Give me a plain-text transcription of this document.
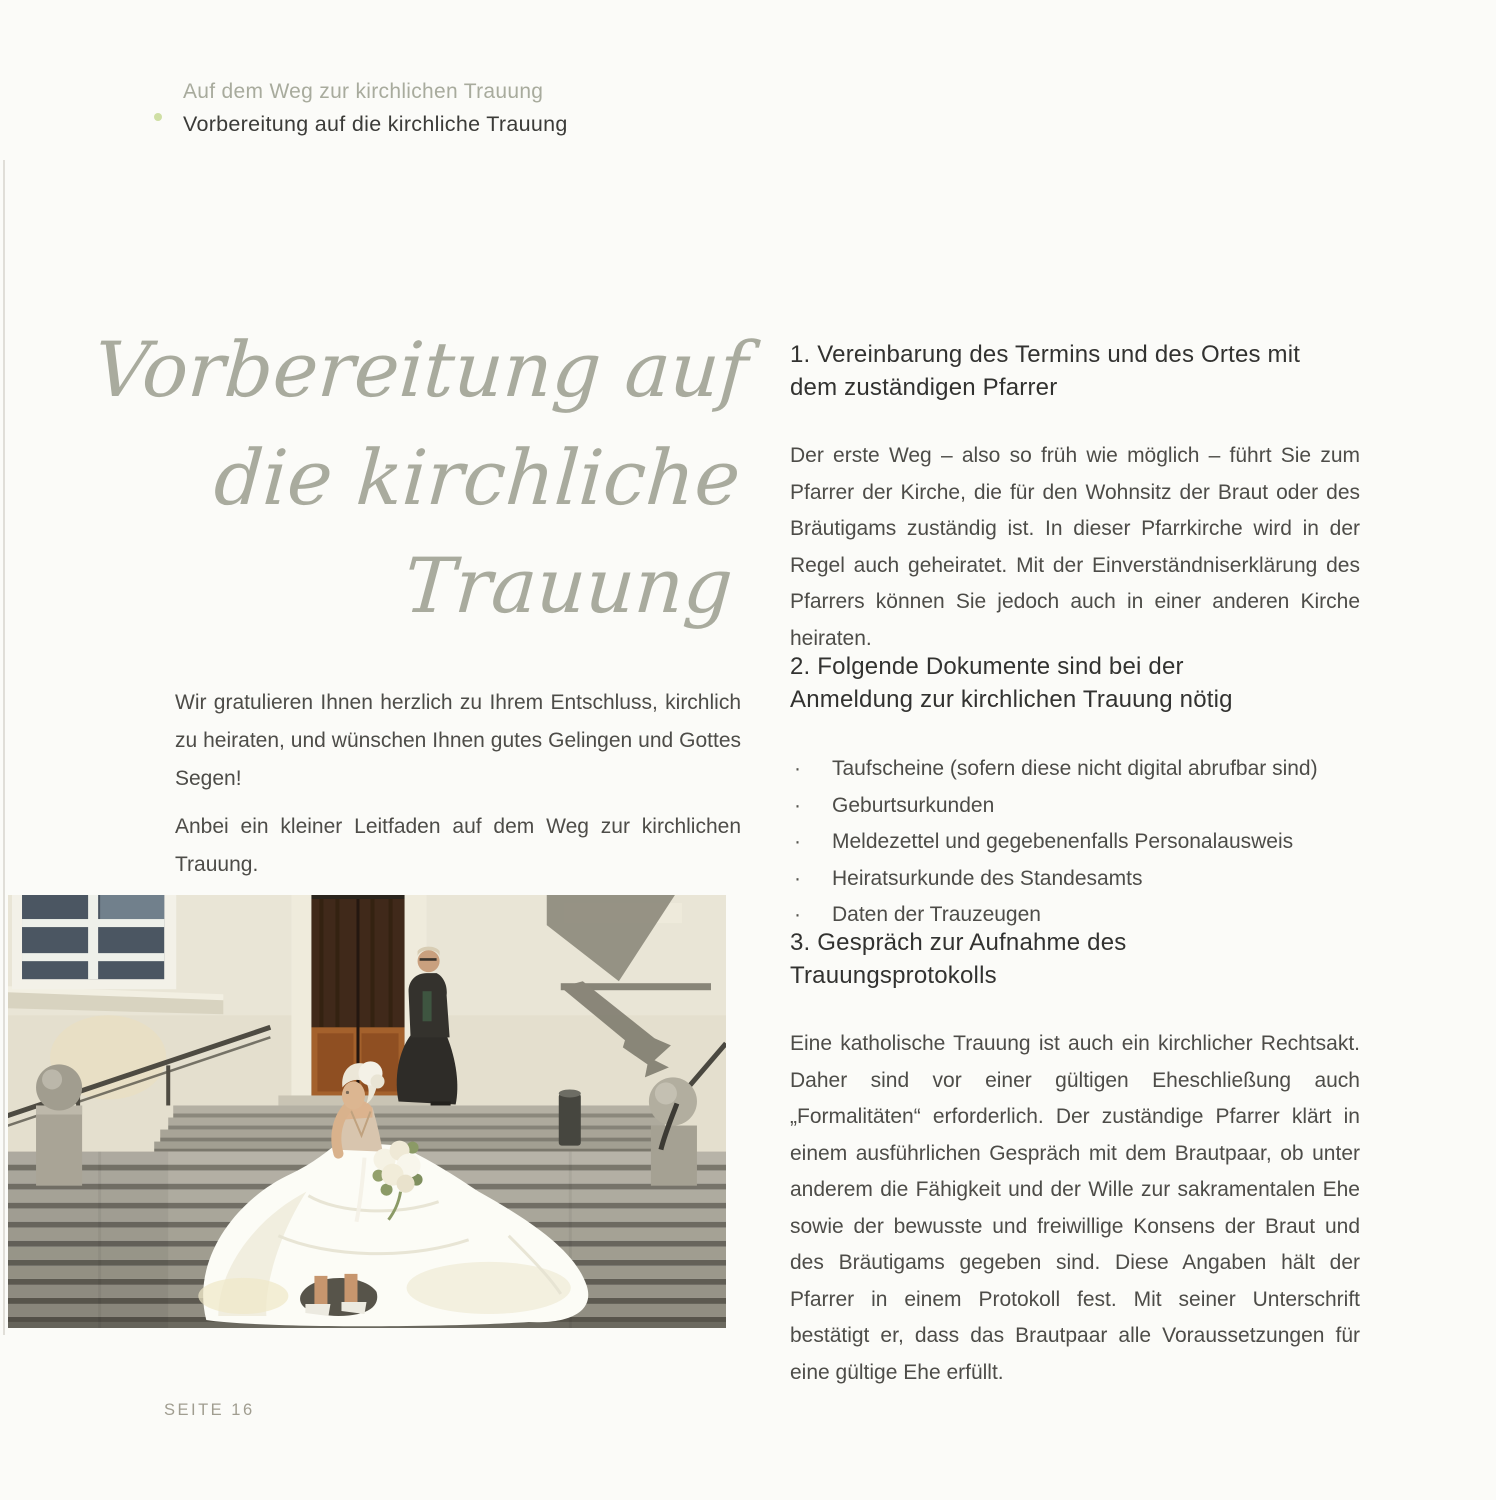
Auf dem Weg zur kirchlichen Trauung
Vorbereitung auf die kirchliche Trauung
Vorbereitung auf
die kirchliche
Trauung

Wir gratulieren Ihnen herzlich zu Ihrem Entschluss, kirchlich zu heiraten, und wünschen Ihnen gutes Gelingen und Gottes Segen!

Anbei ein kleiner Leitfaden auf dem Weg zur kirchlichen Trauung.

SEITE 16
1. Vereinbarung des Termins und des Ortes mit dem zuständigen Pfarrer

Der erste Weg – also so früh wie möglich – führt Sie zum Pfarrer der Kirche, die für den Wohnsitz der Braut oder des Bräutigams zuständig ist. In dieser Pfarrkirche wird in der Regel auch geheiratet. Mit der Einverständniserklärung des Pfarrers können Sie jedoch auch in einer anderen Kirche heiraten.

2. Folgende Dokumente sind bei der Anmeldung zur kirchlichen Trauung nötig
·	Taufscheine (sofern diese nicht digital abrufbar sind)
·	Geburtsurkunden
·	Meldezettel und gegebenenfalls Personalausweis
·	Heiratsurkunde des Standesamts
·	Daten der Trauzeugen
3. Gespräch zur Aufnahme des Trauungsprotokolls

Eine katholische Trauung ist auch ein kirchlicher Rechtsakt. Daher sind vor einer gültigen Eheschließung auch „Formalitäten“ erforderlich. Der zuständige Pfarrer klärt in einem ausführlichen Gespräch mit dem Brautpaar, ob unter anderem die Fähigkeit und der Wille zur sakramentalen Ehe sowie der bewusste und freiwillige Konsens der Braut und des Bräutigams gegeben sind. Diese Angaben hält der Pfarrer in einem Protokoll fest. Mit seiner Unterschrift bestätigt er, dass das Brautpaar alle Voraussetzungen für eine gültige Ehe erfüllt.
